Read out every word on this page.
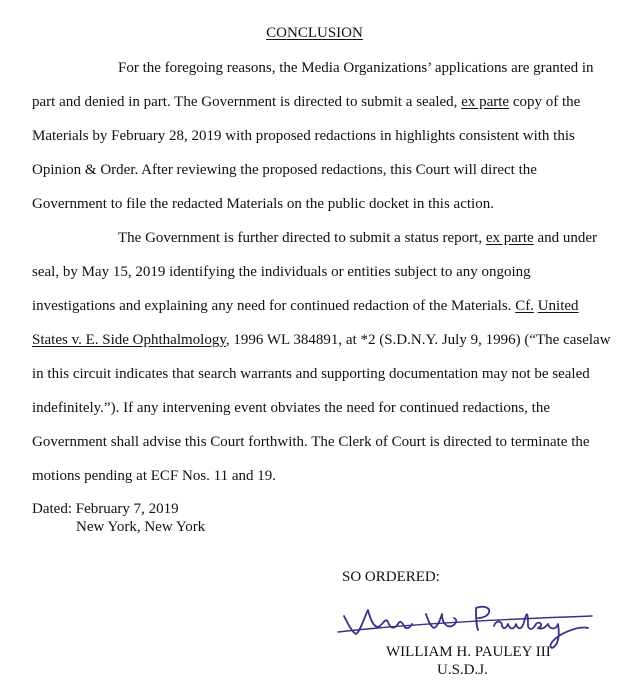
CONCLUSION
For the foregoing reasons, the Media Organizations’ applications are granted in
part and denied in part. The Government is directed to submit a sealed, ex parte copy of the
Materials by February 28, 2019 with proposed redactions in highlights consistent with this
Opinion & Order. After reviewing the proposed redactions, this Court will direct the
Government to file the redacted Materials on the public docket in this action.
The Government is further directed to submit a status report, ex parte and under
seal, by May 15, 2019 identifying the individuals or entities subject to any ongoing
investigations and explaining any need for continued redaction of the Materials. Cf. United
States v. E. Side Ophthalmology, 1996 WL 384891, at *2 (S.D.N.Y. July 9, 1996) (“The caselaw
in this circuit indicates that search warrants and supporting documentation may not be sealed
indefinitely.”). If any intervening event obviates the need for continued redactions, the
Government shall advise this Court forthwith. The Clerk of Court is directed to terminate the
motions pending at ECF Nos. 11 and 19.
Dated: February 7, 2019
New York, New York
SO ORDERED:
WILLIAM H. PAULEY III
U.S.D.J.
